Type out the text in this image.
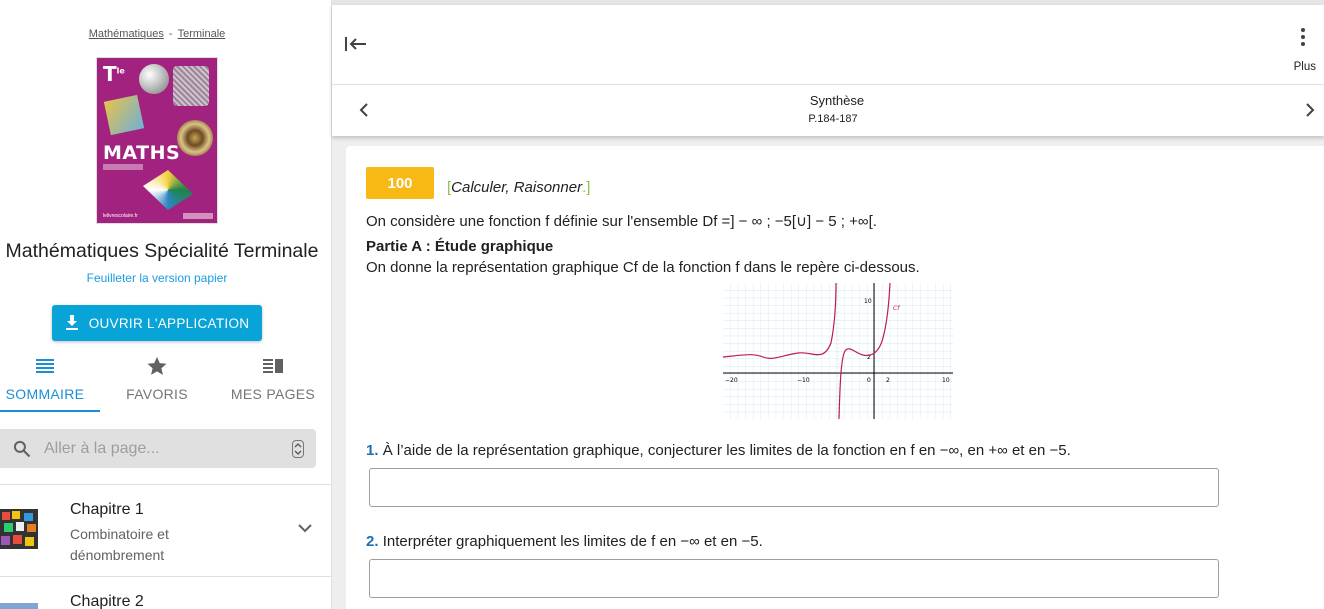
Mathématiques - Terminale
$T^{le}$
MATHS
lelivrescolaire.fr
Mathématiques Spécialité Terminale
Feuilleter la version papier
OUVRIR L'APPLICATION
SOMMAIRE	FAVORIS	MES PAGES
Aller à la page...
Chapitre 1
Combinatoire et dénombrement
Chapitre 2
Plus
Synthèse
P.184-187
100	[Calculer, Raisonner.]
On considère une fonction f définie sur l'ensemble Df =] − ∞ ; −5[∪] − 5 ; +∞[.
Partie A : Étude graphique
On donne la représentation graphique Cf de la fonction f dans le repère ci-dessous.
−20	−10	0	2	10
10
2
Cf
1. À l’aide de la représentation graphique, conjecturer les limites de la fonction en f en −∞, en +∞ et en −5.
2. Interpréter graphiquement les limites de f en −∞ et en −5.
